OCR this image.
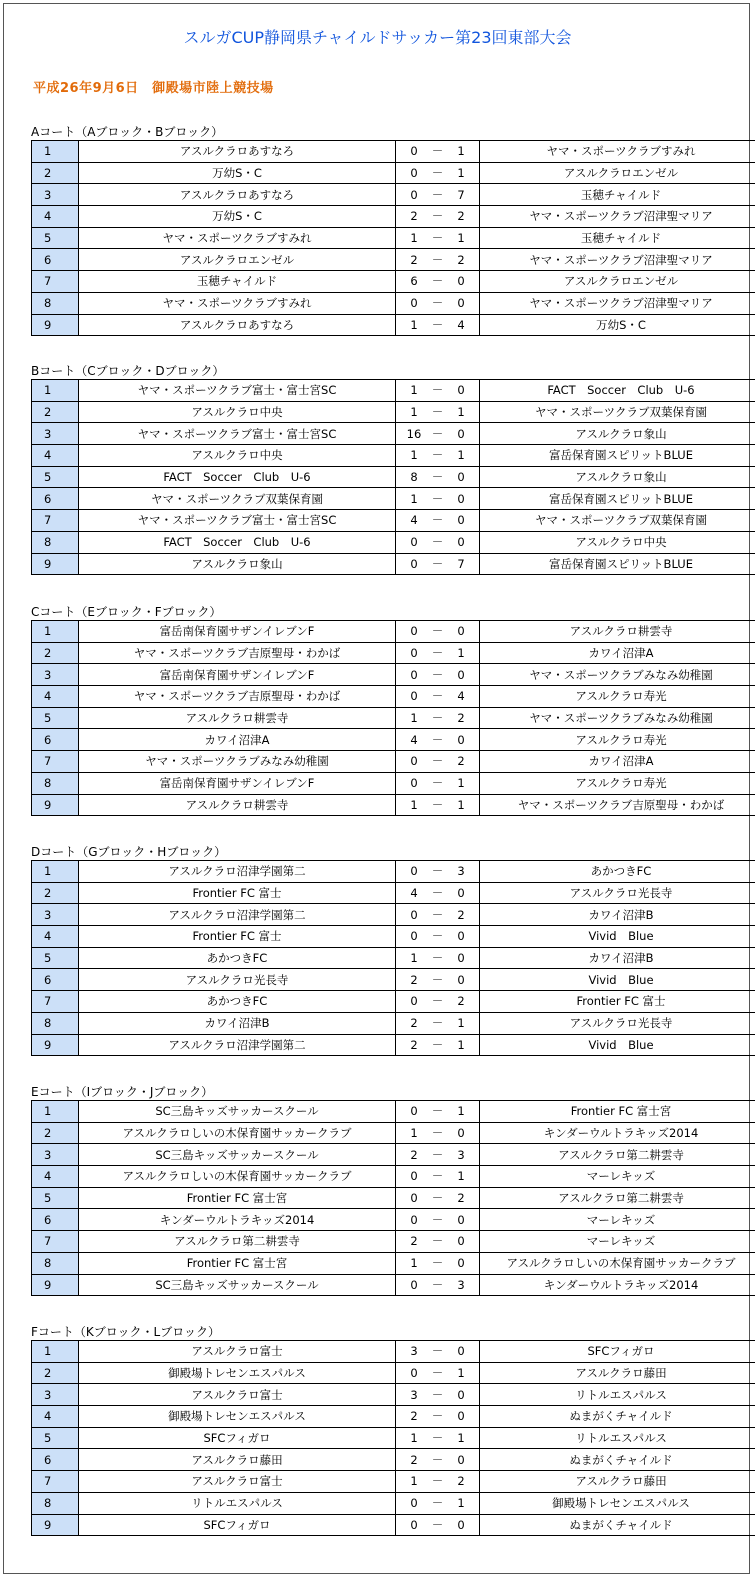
スルガCUP静岡県チャイルドサッカー第23回東部大会
平成26年9月6日　御殿場市陸上競技場
Aコート（Aブロック・Bブロック）
1	アスルクラロあすなろ	0 － 1	ヤマ・スポーツクラブすみれ
2	万幼S・C	0 － 1	アスルクラロエンゼル
3	アスルクラロあすなろ	0 － 7	玉穂チャイルド
4	万幼S・C	2 － 2	ヤマ・スポーツクラブ沼津聖マリア
5	ヤマ・スポーツクラブすみれ	1 － 1	玉穂チャイルド
6	アスルクラロエンゼル	2 － 2	ヤマ・スポーツクラブ沼津聖マリア
7	玉穂チャイルド	6 － 0	アスルクラロエンゼル
8	ヤマ・スポーツクラブすみれ	0 － 0	ヤマ・スポーツクラブ沼津聖マリア
9	アスルクラロあすなろ	1 － 4	万幼S・C
Bコート（Cブロック・Dブロック）
1	ヤマ・スポーツクラブ富士・富士宮SC	1 － 0	FACT　Soccer　Club　U-6
2	アスルクラロ中央	1 － 1	ヤマ・スポーツクラブ双葉保育園
3	ヤマ・スポーツクラブ富士・富士宮SC	16 － 0	アスルクラロ象山
4	アスルクラロ中央	1 － 1	富岳保育園スピリットBLUE
5	FACT　Soccer　Club　U-6	8 － 0	アスルクラロ象山
6	ヤマ・スポーツクラブ双葉保育園	1 － 0	富岳保育園スピリットBLUE
7	ヤマ・スポーツクラブ富士・富士宮SC	4 － 0	ヤマ・スポーツクラブ双葉保育園
8	FACT　Soccer　Club　U-6	0 － 0	アスルクラロ中央
9	アスルクラロ象山	0 － 7	富岳保育園スピリットBLUE
Cコート（Eブロック・Fブロック）
1	富岳南保育園サザンイレブンF	0 － 0	アスルクラロ耕雲寺
2	ヤマ・スポーツクラブ吉原聖母・わかば	0 － 1	カワイ沼津A
3	富岳南保育園サザンイレブンF	0 － 0	ヤマ・スポーツクラブみなみ幼稚園
4	ヤマ・スポーツクラブ吉原聖母・わかば	0 － 4	アスルクラロ寿光
5	アスルクラロ耕雲寺	1 － 2	ヤマ・スポーツクラブみなみ幼稚園
6	カワイ沼津A	4 － 0	アスルクラロ寿光
7	ヤマ・スポーツクラブみなみ幼稚園	0 － 2	カワイ沼津A
8	富岳南保育園サザンイレブンF	0 － 1	アスルクラロ寿光
9	アスルクラロ耕雲寺	1 － 1	ヤマ・スポーツクラブ吉原聖母・わかば
Dコート（Gブロック・Hブロック）
1	アスルクラロ沼津学園第二	0 － 3	あかつきFC
2	Frontier FC 富士	4 － 0	アスルクラロ光長寺
3	アスルクラロ沼津学園第二	0 － 2	カワイ沼津B
4	Frontier FC 富士	0 － 0	Vivid　Blue
5	あかつきFC	1 － 0	カワイ沼津B
6	アスルクラロ光長寺	2 － 0	Vivid　Blue
7	あかつきFC	0 － 2	Frontier FC 富士
8	カワイ沼津B	2 － 1	アスルクラロ光長寺
9	アスルクラロ沼津学園第二	2 － 1	Vivid　Blue
Eコート（Iブロック・Jブロック）
1	SC三島キッズサッカースクール	0 － 1	Frontier FC 富士宮
2	アスルクラロしいの木保育園サッカークラブ	1 － 0	キンダーウルトラキッズ2014
3	SC三島キッズサッカースクール	2 － 3	アスルクラロ第二耕雲寺
4	アスルクラロしいの木保育園サッカークラブ	0 － 1	マーレキッズ
5	Frontier FC 富士宮	0 － 2	アスルクラロ第二耕雲寺
6	キンダーウルトラキッズ2014	0 － 0	マーレキッズ
7	アスルクラロ第二耕雲寺	2 － 0	マーレキッズ
8	Frontier FC 富士宮	1 － 0	アスルクラロしいの木保育園サッカークラブ
9	SC三島キッズサッカースクール	0 － 3	キンダーウルトラキッズ2014
Fコート（Kブロック・Lブロック）
1	アスルクラロ富士	3 － 0	SFCフィガロ
2	御殿場トレセンエスパルス	0 － 1	アスルクラロ藤田
3	アスルクラロ富士	3 － 0	リトルエスパルス
4	御殿場トレセンエスパルス	2 － 0	ぬまがくチャイルド
5	SFCフィガロ	1 － 1	リトルエスパルス
6	アスルクラロ藤田	2 － 0	ぬまがくチャイルド
7	アスルクラロ富士	1 － 2	アスルクラロ藤田
8	リトルエスパルス	0 － 1	御殿場トレセンエスパルス
9	SFCフィガロ	0 － 0	ぬまがくチャイルド
